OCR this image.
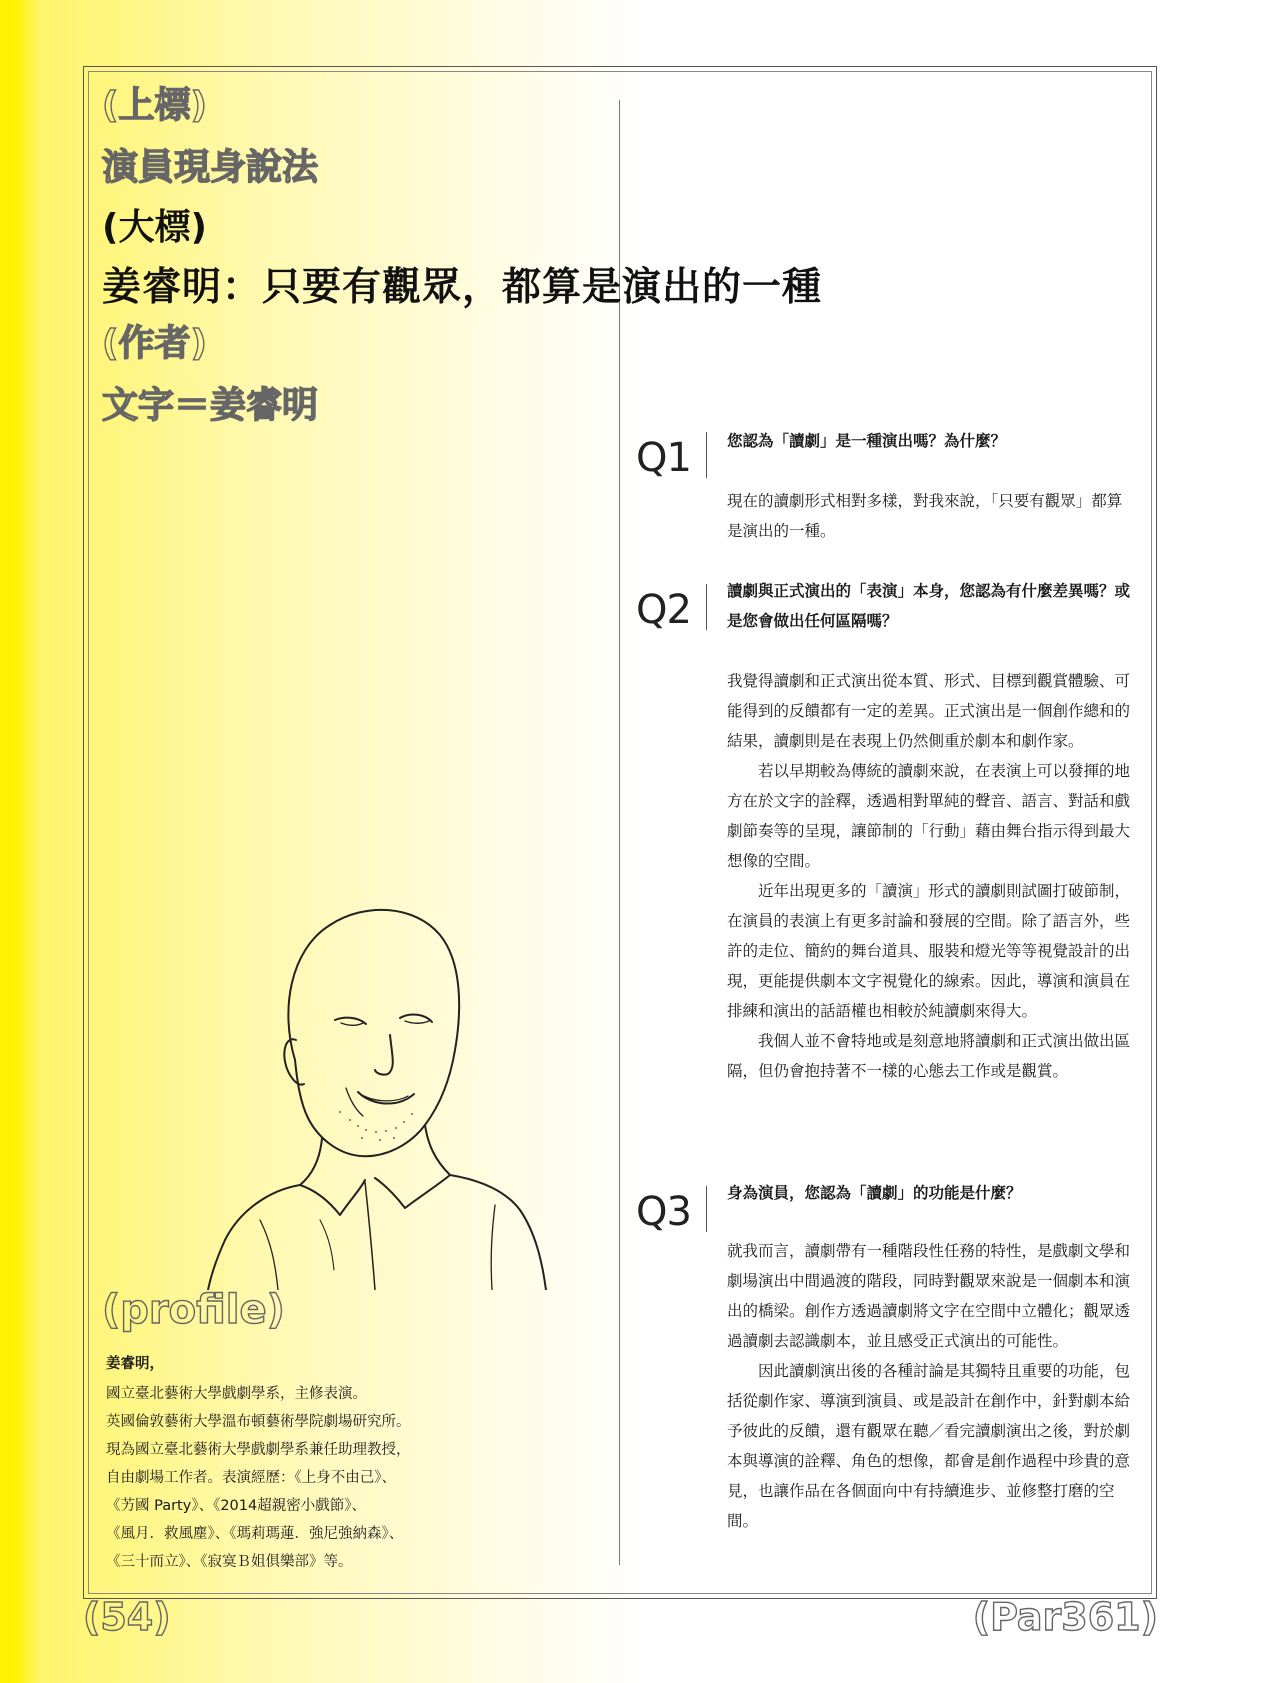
(上標)
演員現身說法
(大標)
姜睿明：只要有觀眾，都算是演出的一種
(作者)
文字＝姜睿明
Q1 您認為「讀劇」是一種演出嗎？為什麼？

現在的讀劇形式相對多樣，對我來說，「只要有觀眾」都算是演出的一種。

Q2 讀劇與正式演出的「表演」本身，您認為有什麼差異嗎？或是您會做出任何區隔嗎？

我覺得讀劇和正式演出從本質、形式、目標到觀賞體驗、可能得到的反饋都有一定的差異。正式演出是一個創作總和的結果，讀劇則是在表現上仍然側重於劇本和劇作家。

若以早期較為傳統的讀劇來說，在表演上可以發揮的地方在於文字的詮釋，透過相對單純的聲音、語言、對話和戲劇節奏等的呈現，讓節制的「行動」藉由舞台指示得到最大想像的空間。

近年出現更多的「讀演」形式的讀劇則試圖打破節制，在演員的表演上有更多討論和發展的空間。除了語言外，些許的走位、簡約的舞台道具、服裝和燈光等等視覺設計的出現，更能提供劇本文字視覺化的線索。因此，導演和演員在排練和演出的話語權也相較於純讀劇來得大。

我個人並不會特地或是刻意地將讀劇和正式演出做出區隔，但仍會抱持著不一樣的心態去工作或是觀賞。

Q3 身為演員，您認為「讀劇」的功能是什麼？

就我而言，讀劇帶有一種階段性任務的特性，是戲劇文學和劇場演出中間過渡的階段，同時對觀眾來說是一個劇本和演出的橋梁。創作方透過讀劇將文字在空間中立體化；觀眾透過讀劇去認識劇本，並且感受正式演出的可能性。

因此讀劇演出後的各種討論是其獨特且重要的功能，包括從劇作家、導演到演員、或是設計在創作中，針對劇本給予彼此的反饋，還有觀眾在聽／看完讀劇演出之後，對於劇本與導演的詮釋、角色的想像，都會是創作過程中珍貴的意見，也讓作品在各個面向中有持續進步、並修整打磨的空間。

(profile)
姜睿明，
國立臺北藝術大學戲劇學系，主修表演。
英國倫敦藝術大學溫布頓藝術學院劇場研究所。
現為國立臺北藝術大學戲劇學系兼任助理教授，
自由劇場工作者。表演經歷：《上身不由己》、
《艻國 Party》、《2014超親密小戲節》、
《風月．救風塵》、《瑪莉瑪蓮．強尼強納森》、
《三十而立》、《寂寞Ｂ姐俱樂部》等。
(54)	(Par361)
